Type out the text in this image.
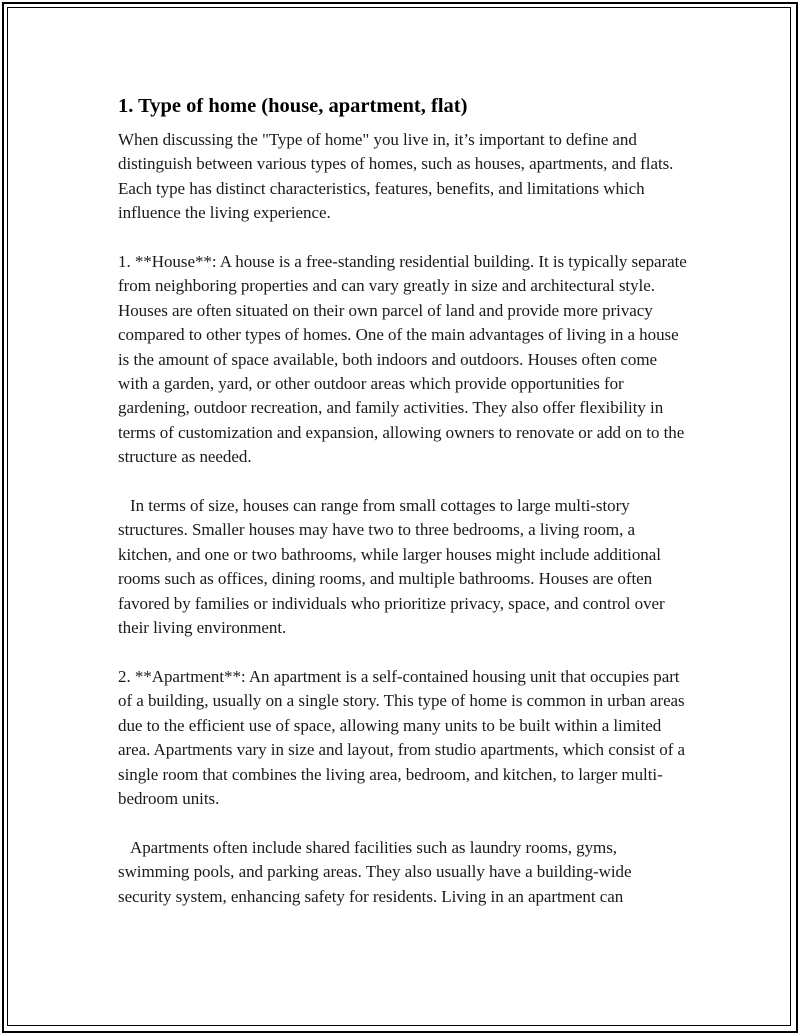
1. Type of home (house, apartment, flat)

When discussing the "Type of home" you live in, it’s important to define and distinguish between various types of homes, such as houses, apartments, and flats. Each type has distinct characteristics, features, benefits, and limitations which influence the living experience.

1. **House**: A house is a free-standing residential building. It is typically separate from neighboring properties and can vary greatly in size and architectural style. Houses are often situated on their own parcel of land and provide more privacy compared to other types of homes. One of the main advantages of living in a house is the amount of space available, both indoors and outdoors. Houses often come with a garden, yard, or other outdoor areas which provide opportunities for gardening, outdoor recreation, and family activities. They also offer flexibility in terms of customization and expansion, allowing owners to renovate or add on to the structure as needed.

In terms of size, houses can range from small cottages to large multi-story structures. Smaller houses may have two to three bedrooms, a living room, a kitchen, and one or two bathrooms, while larger houses might include additional rooms such as offices, dining rooms, and multiple bathrooms. Houses are often favored by families or individuals who prioritize privacy, space, and control over their living environment.

2. **Apartment**: An apartment is a self-contained housing unit that occupies part of a building, usually on a single story. This type of home is common in urban areas due to the efficient use of space, allowing many units to be built within a limited area. Apartments vary in size and layout, from studio apartments, which consist of a single room that combines the living area, bedroom, and kitchen, to larger multi-bedroom units.

Apartments often include shared facilities such as laundry rooms, gyms, swimming pools, and parking areas. They also usually have a building-wide security system, enhancing safety for residents. Living in an apartment can
